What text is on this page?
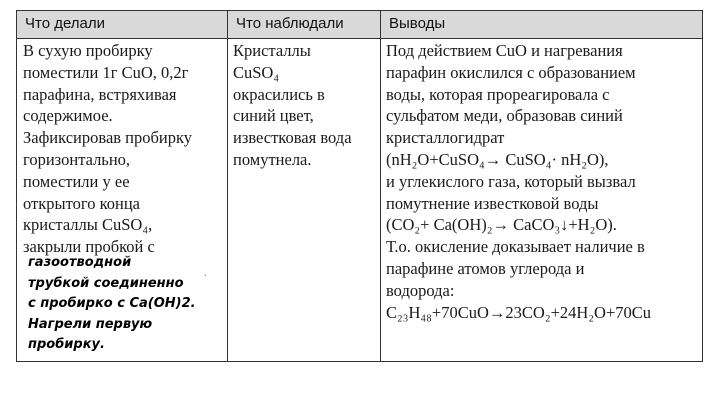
Что делали	Что наблюдали	Выводы
В сухую пробирку
поместили 1г CuO, 0,2г
парафина, встряхивая
содержимое.
Зафиксировав пробирку
горизонтально,
поместили у ее
открытого конца
кристаллы CuSO₄,
закрыли пробкой с
Кристаллы
CuSO₄
окрасились в
синий цвет,
известковая вода
помутнела.
Под действием CuO и нагревания
парафин окислился с образованием
воды, которая прореагировала с
сульфатом меди, образовав синий
кристаллогидрат
(nH₂O+CuSO₄→ CuSO₄· nH₂O),
и углекислого газа, который вызвал
помутнение известковой воды
(CO₂+ Ca(OH)₂→ CaCO₃↓+H₂O).
Т.о. окисление доказывает наличие в
парафине атомов углерода и
водорода:
C₂₃H₄₈+70CuO→23CO₂+24H₂O+70Cu
·
газоотводной
трубкой соединенно
с пробирко с Ca(OH)2.
Нагрели первую
пробирку.
